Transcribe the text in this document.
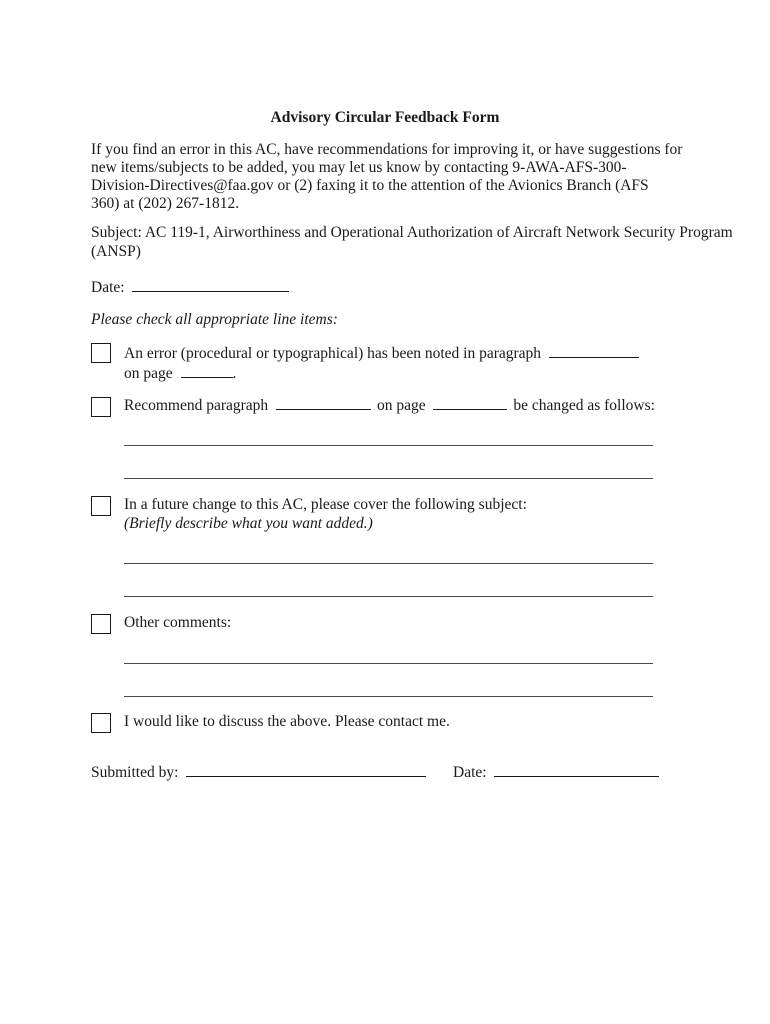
Advisory Circular Feedback Form
If you find an error in this AC, have recommendations for improving it, or have suggestions for
new items/subjects to be added, you may let us know by contacting 9-AWA-AFS-300-
Division-Directives@faa.gov or (2) faxing it to the attention of the Avionics Branch (AFS
360) at (202) 267-1812.
Subject: AC 119-1, Airworthiness and Operational Authorization of Aircraft Network Security Program
(ANSP)
Date:
Please check all appropriate line items:
An error (procedural or typographical) has been noted in paragraph
on page	.
Recommend paragraph	on page	be changed as follows:
In a future change to this AC, please cover the following subject:
(Briefly describe what you want added.)
Other comments:
I would like to discuss the above. Please contact me.
Submitted by:	Date:
